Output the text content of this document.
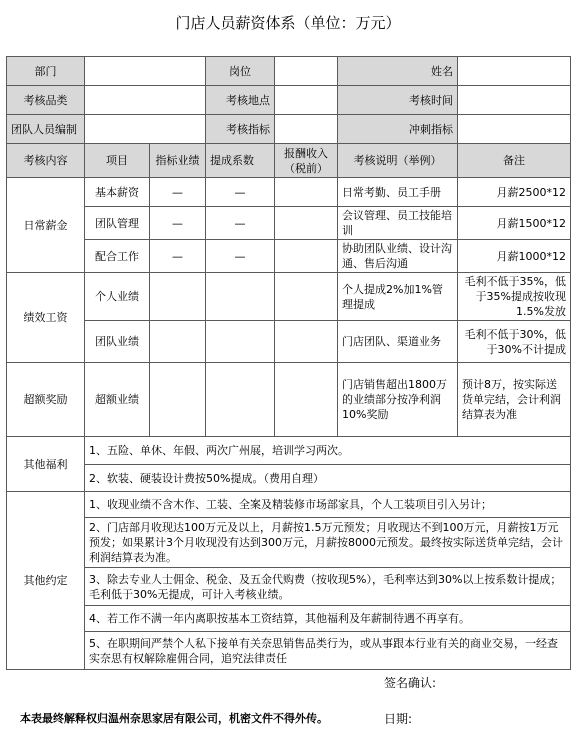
门店人员薪资体系（单位：万元）
部门			岗位		姓名	
考核品类			考核地点		考核时间	
团队人员编制			考核指标		冲刺指标	
考核内容	项目	指标业绩	提成系数	报酬收入（税前）	考核说明（举例）	备注
日常薪金	基本薪资	—	—		日常考勤、员工手册	月薪2500*12
	团队管理	—	—		会议管理、员工技能培训	月薪1500*12
	配合工作	—	—		协助团队业绩、设计沟通、售后沟通	月薪1000*12
绩效工资	个人业绩				个人提成2%加1%管理提成	毛利不低于35%，低于35%提成按收现1.5%发放
	团队业绩				门店团队、渠道业务	毛利不低于30%，低于30%不计提成
超额奖励	超额业绩				门店销售超出1800万的业绩部分按净利润10%奖励	预计8万，按实际送货单完结，会计利润结算表为准
其他福利	1、五险、单休、年假、两次广州展，培训学习两次。					
	2、软装、硬装设计费按50%提成。（费用自理）					
其他约定	1、收现业绩不含木作、工装、全案及精装修市场部家具，个人工装项目引入另计；					
	2、门店部月收现达100万元及以上，月薪按1.5万元预发；月收现达不到100万元，月薪按1万元预发；如果累计3个月收现没有达到300万元，月薪按8000元预发。最终按实际送货单完结，会计利润结算表为准。					
	3、除去专业人士佣金、税金、及五金代购费（按收现5%），毛利率达到30%以上按系数计提成；毛利低于30%无提成，可计入考核业绩。					
	4、若工作不满一年内离职按基本工资结算，其他福利及年薪制待遇不再享有。					
	5、在职期间严禁个人私下接单有关奈思销售品类行为，或从事跟本行业有关的商业交易，一经查实奈思有权解除雇佣合同，追究法律责任					
签名确认:
本表最终解释权归温州奈思家居有限公司，机密文件不得外传。	日期:
